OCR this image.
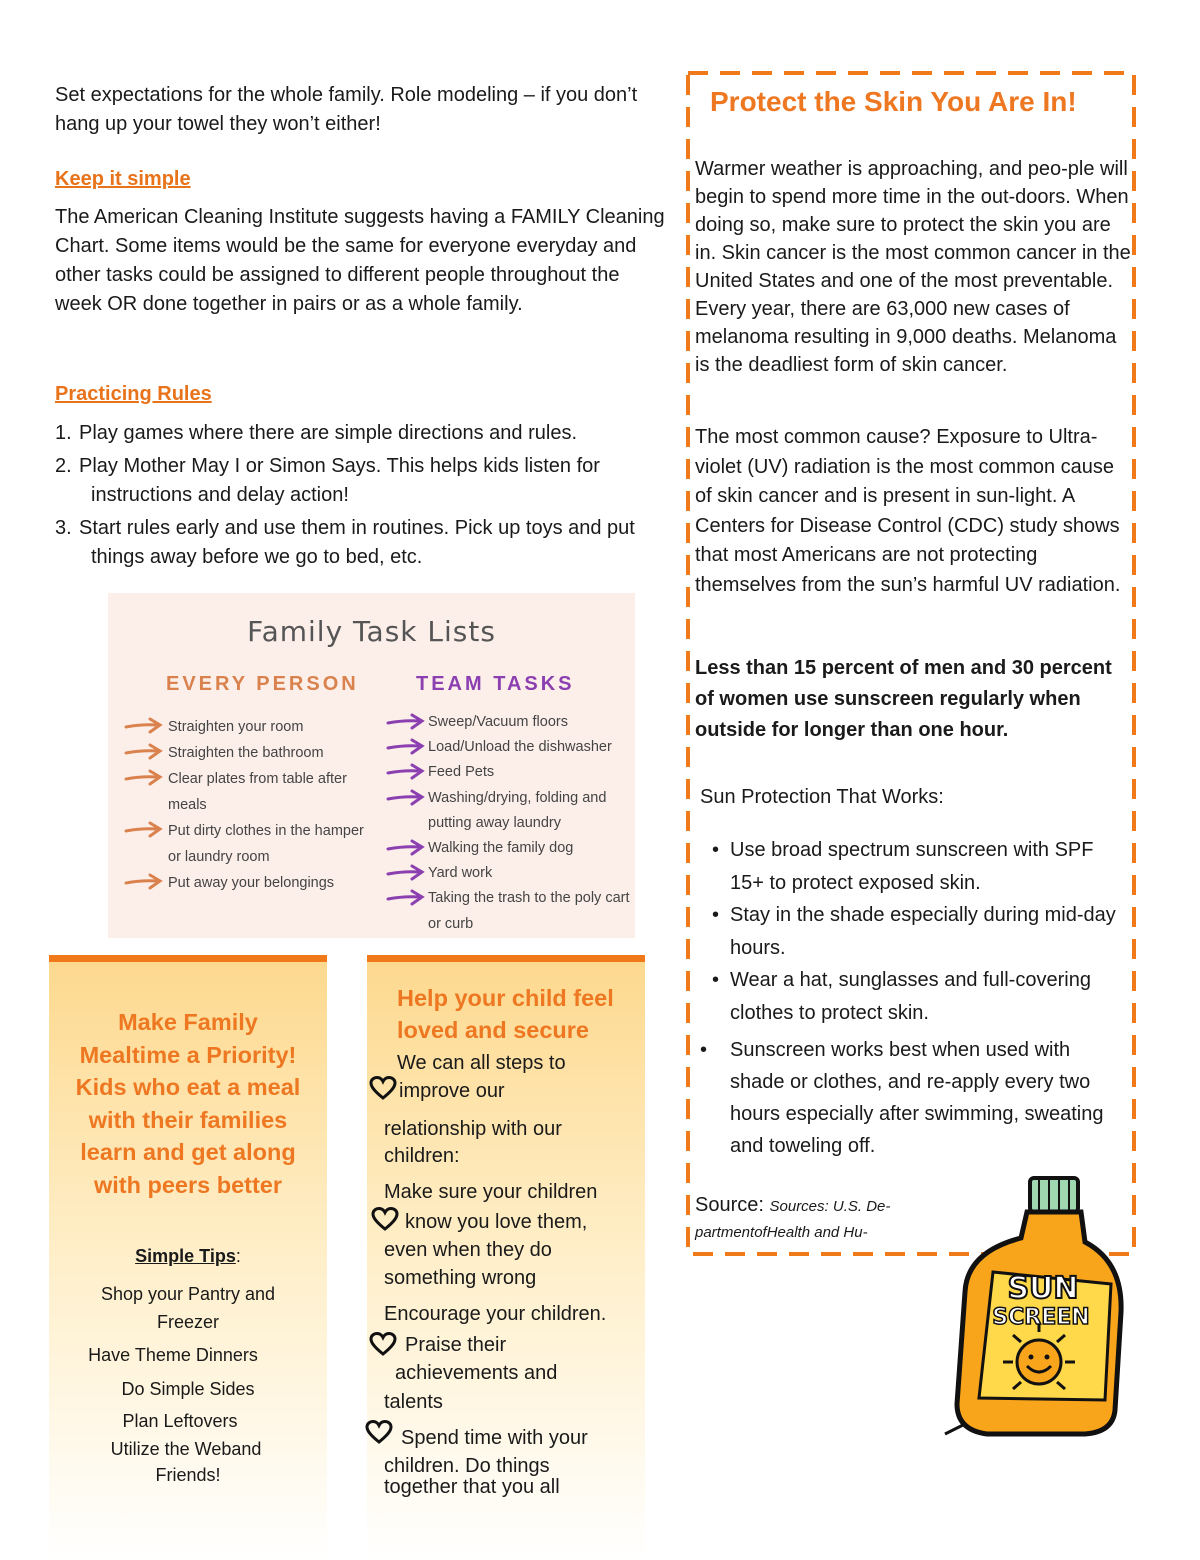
Set expectations for the whole family. Role modeling – if you don’t hang up your towel they won’t either!
Keep it simple
The American Cleaning Institute suggests having a FAMILY Cleaning Chart. Some items would be the same for everyone everyday and other tasks could be assigned to different people throughout the week OR done together in pairs or as a whole family.
Practicing Rules
1. Play games where there are simple directions and rules.
2. Play Mother May I or Simon Says. This helps kids listen for instructions and delay action!
3. Start rules early and use them in routines. Pick up toys and put things away before we go to bed, etc.
Family Task Lists
EVERY PERSON	TEAM TASKS
Straighten your room
Straighten the bathroom
Clear plates from table after meals
Put dirty clothes in the hamper or laundry room
Put away your belongings
Sweep/Vacuum floors
Load/Unload the dishwasher
Feed Pets
Washing/drying, folding and putting away laundry
Walking the family dog
Yard work
Taking the trash to the poly cart or curb
Make Family
Mealtime a Priority!
Kids who eat a meal
with their families
learn and get along
with peers better
Simple Tips:
Shop your Pantry and
Freezer
Have Theme Dinners
Do Simple Sides
Plan Leftovers
Utilize the Weband
Friends!
Help your child feel
loved and secure
We can all steps to
improve our
relationship with our
children:
Make sure your children
know you love them,
even when they do
something wrong
Encourage your children.
Praise their
achievements and
talents
Spend time with your
children. Do things
together that you all
Protect the Skin You Are In!
Warmer weather is approaching, and peo-ple will begin to spend more time in the out-doors. When doing so, make sure to protect the skin you are in. Skin cancer is the most common cancer in the United States and one of the most preventable. Every year, there are 63,000 new cases of melanoma resulting in 9,000 deaths. Melanoma is the deadliest form of skin cancer.
The most common cause? Exposure to Ultra-violet (UV) radiation is the most common cause of skin cancer and is present in sun-light. A Centers for Disease Control (CDC) study shows that most Americans are not protecting themselves from the sun’s harmful UV radiation.
Less than 15 percent of men and 30 percent of women use sunscreen regularly when outside for longer than one hour.
Sun Protection That Works:
• Use broad spectrum sunscreen with SPF 15+ to protect exposed skin.
• Stay in the shade especially during mid-day hours.
• Wear a hat, sunglasses and full-covering clothes to protect skin.
• Sunscreen works best when used with shade or clothes, and re-apply every two hours especially after swimming, sweating and toweling off.
Source: Sources: U.S. De-partmentofHealth and Hu-
SUN
SCREEN
